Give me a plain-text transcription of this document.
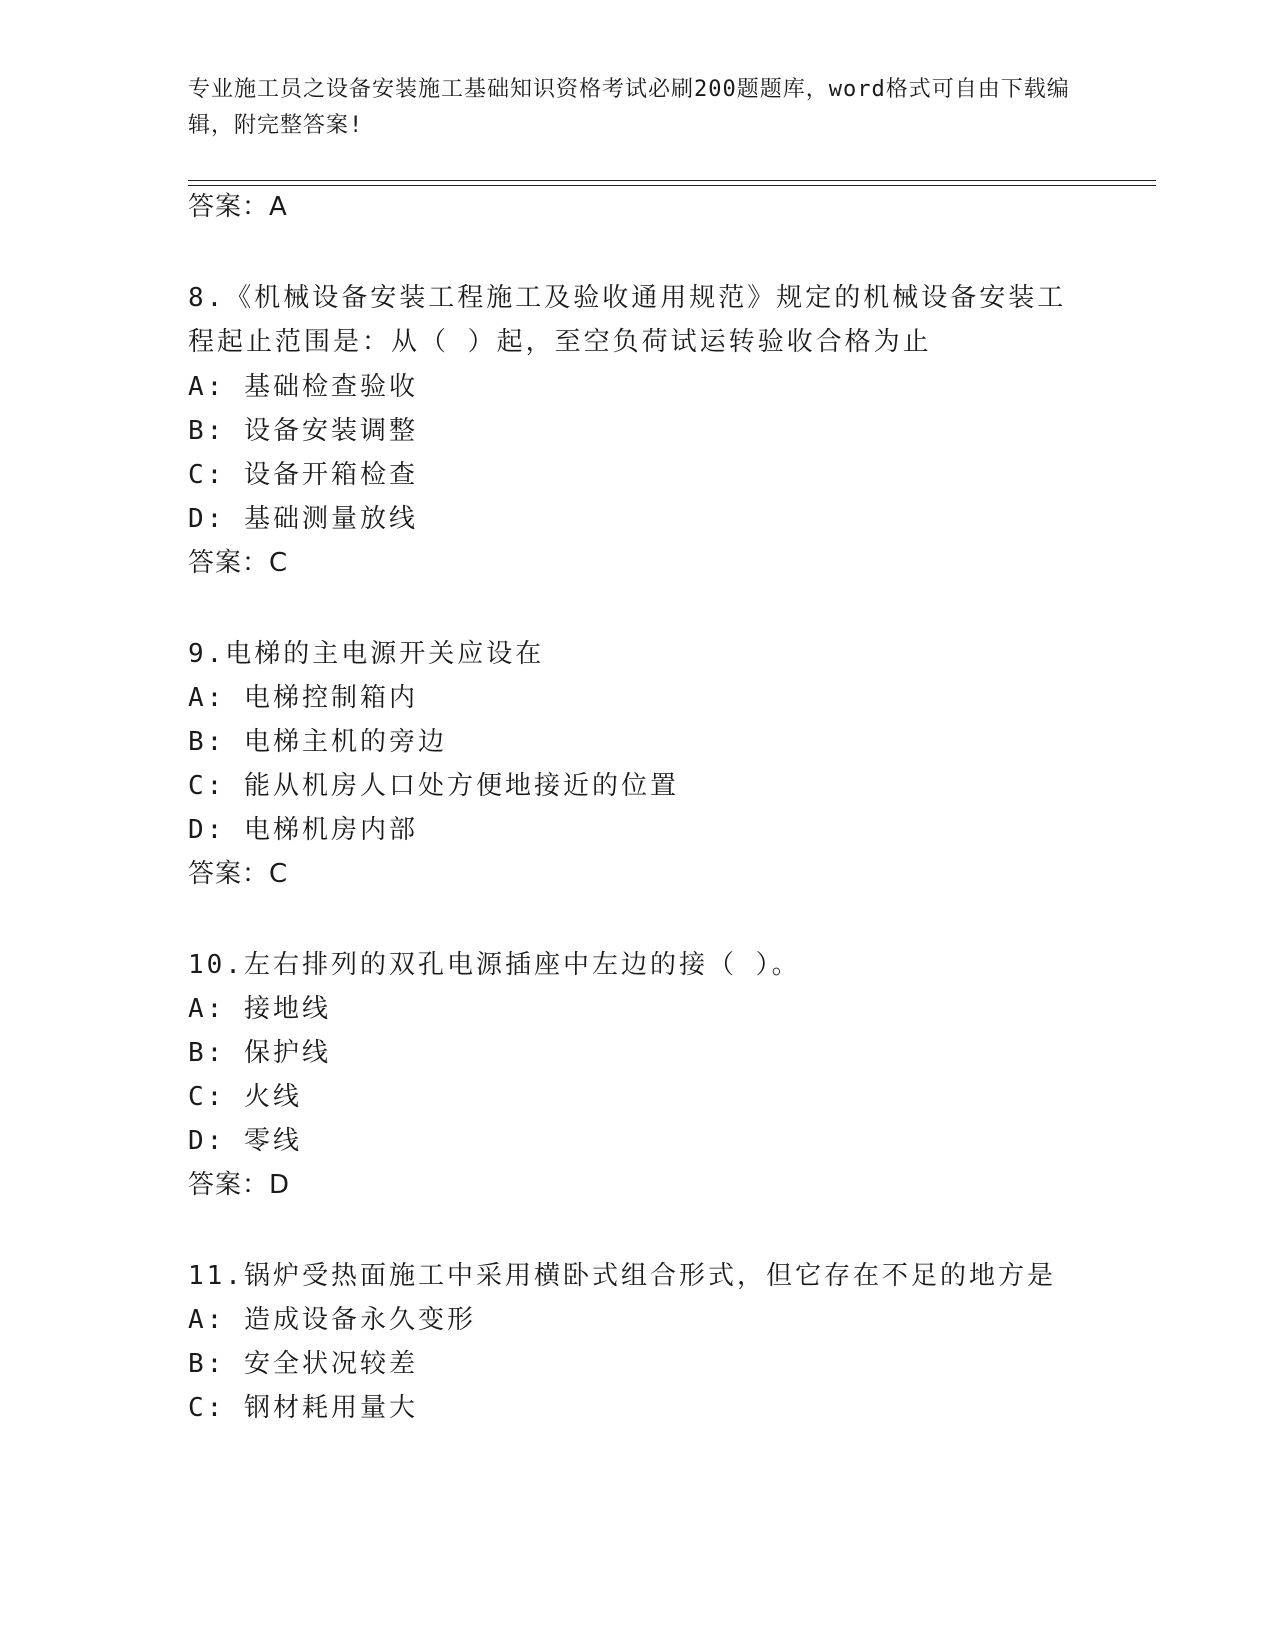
专业施工员之设备安装施工基础知识资格考试必刷200题题库，word格式可自由下载编辑，附完整答案!

答案：A

8.《机械设备安装工程施工及验收通用规范》规定的机械设备安装工

程起止范围是：从（ ）起，至空负荷试运转验收合格为止

A: 基础检查验收

B: 设备安装调整

C: 设备开箱检查

D: 基础测量放线

答案：C

9.电梯的主电源开关应设在

A: 电梯控制箱内

B: 电梯主机的旁边

C: 能从机房人口处方便地接近的位置

D: 电梯机房内部

答案：C

10.左右排列的双孔电源插座中左边的接（ ）。

A: 接地线

B: 保护线

C: 火线

D: 零线

答案：D

11.锅炉受热面施工中采用横卧式组合形式，但它存在不足的地方是

A: 造成设备永久变形

B: 安全状况较差

C: 钢材耗用量大
